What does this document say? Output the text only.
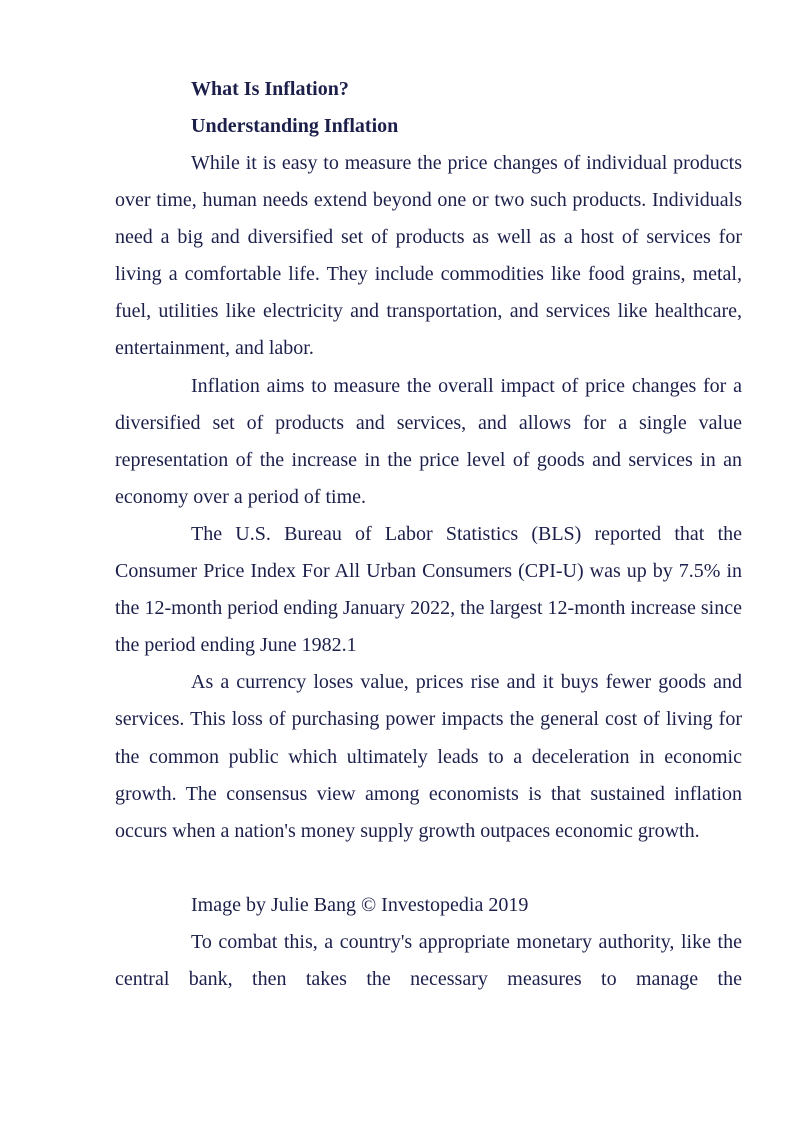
What Is Inflation?
Understanding Inflation

While it is easy to measure the price changes of individual products over time, human needs extend beyond one or two such products. Individuals need a big and diversified set of products as well as a host of services for living a comfortable life. They include commodities like food grains, metal, fuel, utilities like electricity and transportation, and services like healthcare, entertainment, and labor.

Inflation aims to measure the overall impact of price changes for a diversified set of products and services, and allows for a single value representation of the increase in the price level of goods and services in an economy over a period of time.

The U.S. Bureau of Labor Statistics (BLS) reported that the Consumer Price Index For All Urban Consumers (CPI-U) was up by 7.5% in the 12-month period ending January 2022, the largest 12-month increase since the period ending June 1982.1

As a currency loses value, prices rise and it buys fewer goods and services. This loss of purchasing power impacts the general cost of living for the common public which ultimately leads to a deceleration in economic growth. The consensus view among economists is that sustained inflation occurs when a nation's money supply growth outpaces economic growth.

Image by Julie Bang © Investopedia 2019

To combat this, a country's appropriate monetary authority, like the central bank, then takes the necessary measures to manage the
